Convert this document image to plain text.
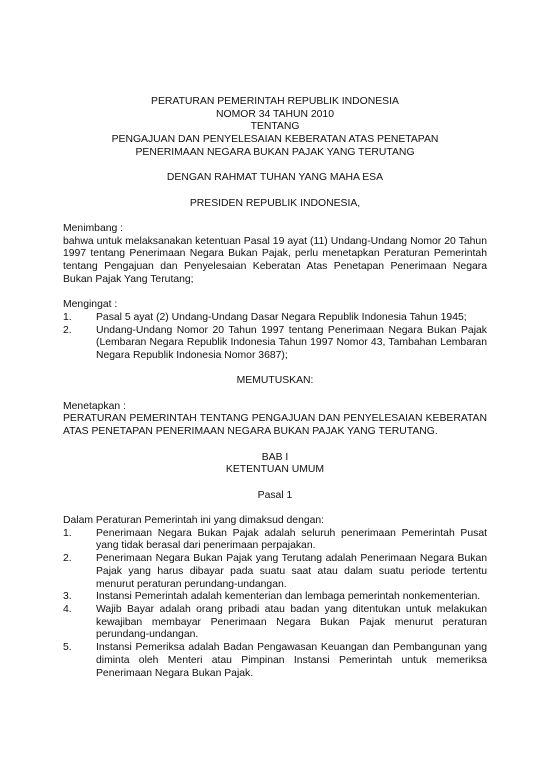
PERATURAN PEMERINTAH REPUBLIK INDONESIA
NOMOR 34 TAHUN 2010
TENTANG
PENGAJUAN DAN PENYELESAIAN KEBERATAN ATAS PENETAPAN
PENERIMAAN NEGARA BUKAN PAJAK YANG TERUTANG
DENGAN RAHMAT TUHAN YANG MAHA ESA
PRESIDEN REPUBLIK INDONESIA,
Menimbang :
bahwa untuk melaksanakan ketentuan Pasal 19 ayat (11) Undang-Undang Nomor 20 Tahun 1997 tentang Penerimaan Negara Bukan Pajak, perlu menetapkan Peraturan Pemerintah tentang Pengajuan dan Penyelesaian Keberatan Atas Penetapan Penerimaan Negara Bukan Pajak Yang Terutang;
Mengingat :
1.	Pasal 5 ayat (2) Undang-Undang Dasar Negara Republik Indonesia Tahun 1945;
2.	Undang-Undang Nomor 20 Tahun 1997 tentang Penerimaan Negara Bukan Pajak (Lembaran Negara Republik Indonesia Tahun 1997 Nomor 43, Tambahan Lembaran Negara Republik Indonesia Nomor 3687);
MEMUTUSKAN:
Menetapkan :
PERATURAN PEMERINTAH TENTANG PENGAJUAN DAN PENYELESAIAN KEBERATAN ATAS PENETAPAN PENERIMAAN NEGARA BUKAN PAJAK YANG TERUTANG.
BAB I
KETENTUAN UMUM
Pasal 1
Dalam Peraturan Pemerintah ini yang dimaksud dengan:
1.	Penerimaan Negara Bukan Pajak adalah seluruh penerimaan Pemerintah Pusat yang tidak berasal dari penerimaan perpajakan.
2.	Penerimaan Negara Bukan Pajak yang Terutang adalah Penerimaan Negara Bukan Pajak yang harus dibayar pada suatu saat atau dalam suatu periode tertentu menurut peraturan perundang-undangan.
3.	Instansi Pemerintah adalah kementerian dan lembaga pemerintah nonkementerian.
4.	Wajib Bayar adalah orang pribadi atau badan yang ditentukan untuk melakukan kewajiban membayar Penerimaan Negara Bukan Pajak menurut peraturan perundang-undangan.
5.	Instansi Pemeriksa adalah Badan Pengawasan Keuangan dan Pembangunan yang diminta oleh Menteri atau Pimpinan Instansi Pemerintah untuk memeriksa Penerimaan Negara Bukan Pajak.
